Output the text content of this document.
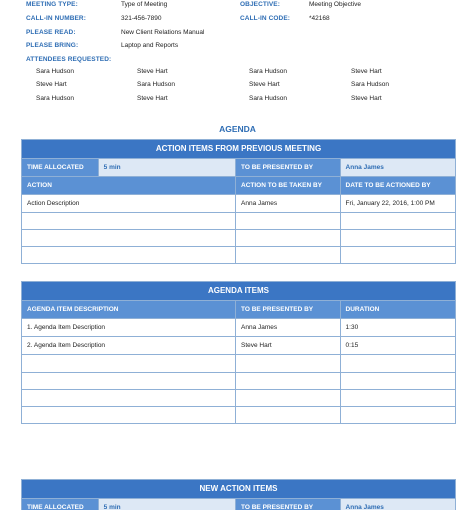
MEETING TYPE:	Type of Meeting	OBJECTIVE:	Meeting Objective
CALL-IN NUMBER:	321-456-7890	CALL-IN CODE:	*42168
PLEASE READ:	New Client Relations Manual
PLEASE BRING:	Laptop and Reports
ATTENDEES REQUESTED:
Sara Hudson	Steve Hart	Sara Hudson	Steve Hart
Steve Hart	Sara Hudson	Steve Hart	Sara Hudson
Sara Hudson	Steve Hart	Sara Hudson	Steve Hart
AGENDA
ACTION ITEMS FROM PREVIOUS MEETING
TIME ALLOCATED	5 min	TO BE PRESENTED BY	Anna James
ACTION	ACTION TO BE TAKEN BY	DATE TO BE ACTIONED BY
Action Description	Anna James	Fri, January 22, 2016, 1:00 PM
AGENDA ITEMS
AGENDA ITEM DESCRIPTION	TO BE PRESENTED BY	DURATION
1. Agenda Item Description	Anna James	1:30
2. Agenda Item Description	Steve Hart	0:15
NEW ACTION ITEMS
TIME ALLOCATED	5 min	TO BE PRESENTED BY	Anna James
